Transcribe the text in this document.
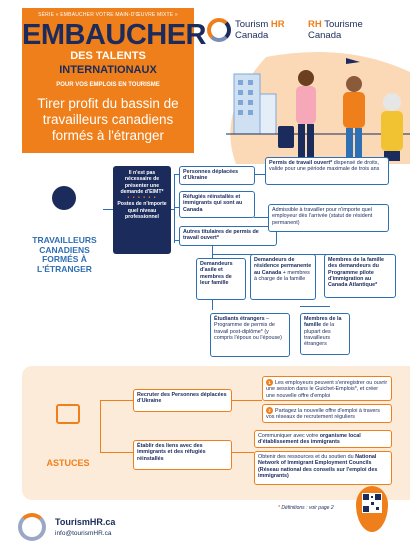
SÉRIE « EMBAUCHER VOTRE MAIN-D'ŒUVRE MIXTE »
EMBAUCHER
DES TALENTS
INTERNATIONAUX
POUR VOS EMPLOIS EN TOURISME
Tirer profit du bassin de
travailleurs canadiens
formés à l'étranger
Tourism HR
Canada
RH Tourisme
Canada
TRAVAILLEURS CANADIENS FORMÉS À L'ÉTRANGER
Il n'est pas nécessaire de présenter une demande d'EIMT*
• • • • • •
Postes de n'importe quel niveau professionnel
Personnes déplacées d'Ukraine
Réfugiés réinstallés et immigrants qui sont au Canada
Autres titulaires de permis de travail ouvert*
Permis de travail ouvert* dispensé de droits, valide pour une période maximale de trois ans
Admissible à travailler pour n'importe quel employeur dès l'arrivée (statut de résident permanent)
Demandeurs d'asile et membres de leur famille
Demandeurs de résidence permanente au Canada + membres à charge de la famille
Membres de la famille des demandeurs du Programme pilote d'immigration au Canada Atlantique*
Étudiants étrangers – Programme de permis de travail post-diplôme* (y compris l'époux ou l'épouse)
Membres de la famille de la plupart des travailleurs étrangers
ASTUCES
Recruter des Personnes déplacées d'Ukraine
Établir des liens avec des immigrants et des réfugiés réinstallés
1 Les employeurs peuvent s'enregistrer ou ouvrir une session dans le Guichet-Emplois*, et créer une nouvelle offre d'emploi
2 Partagez la nouvelle offre d'emploi à travers vos réseaux de recrutement réguliers
Communiquer avec votre organisme local d'établissement des immigrants
Obtenir des ressources et du soutien du National Network of Immigrant Employment Councils (Réseau national des conseils sur l'emploi des immigrants)
* Définitions : voir page 2
TourismHR.ca
info@tourismHR.ca
